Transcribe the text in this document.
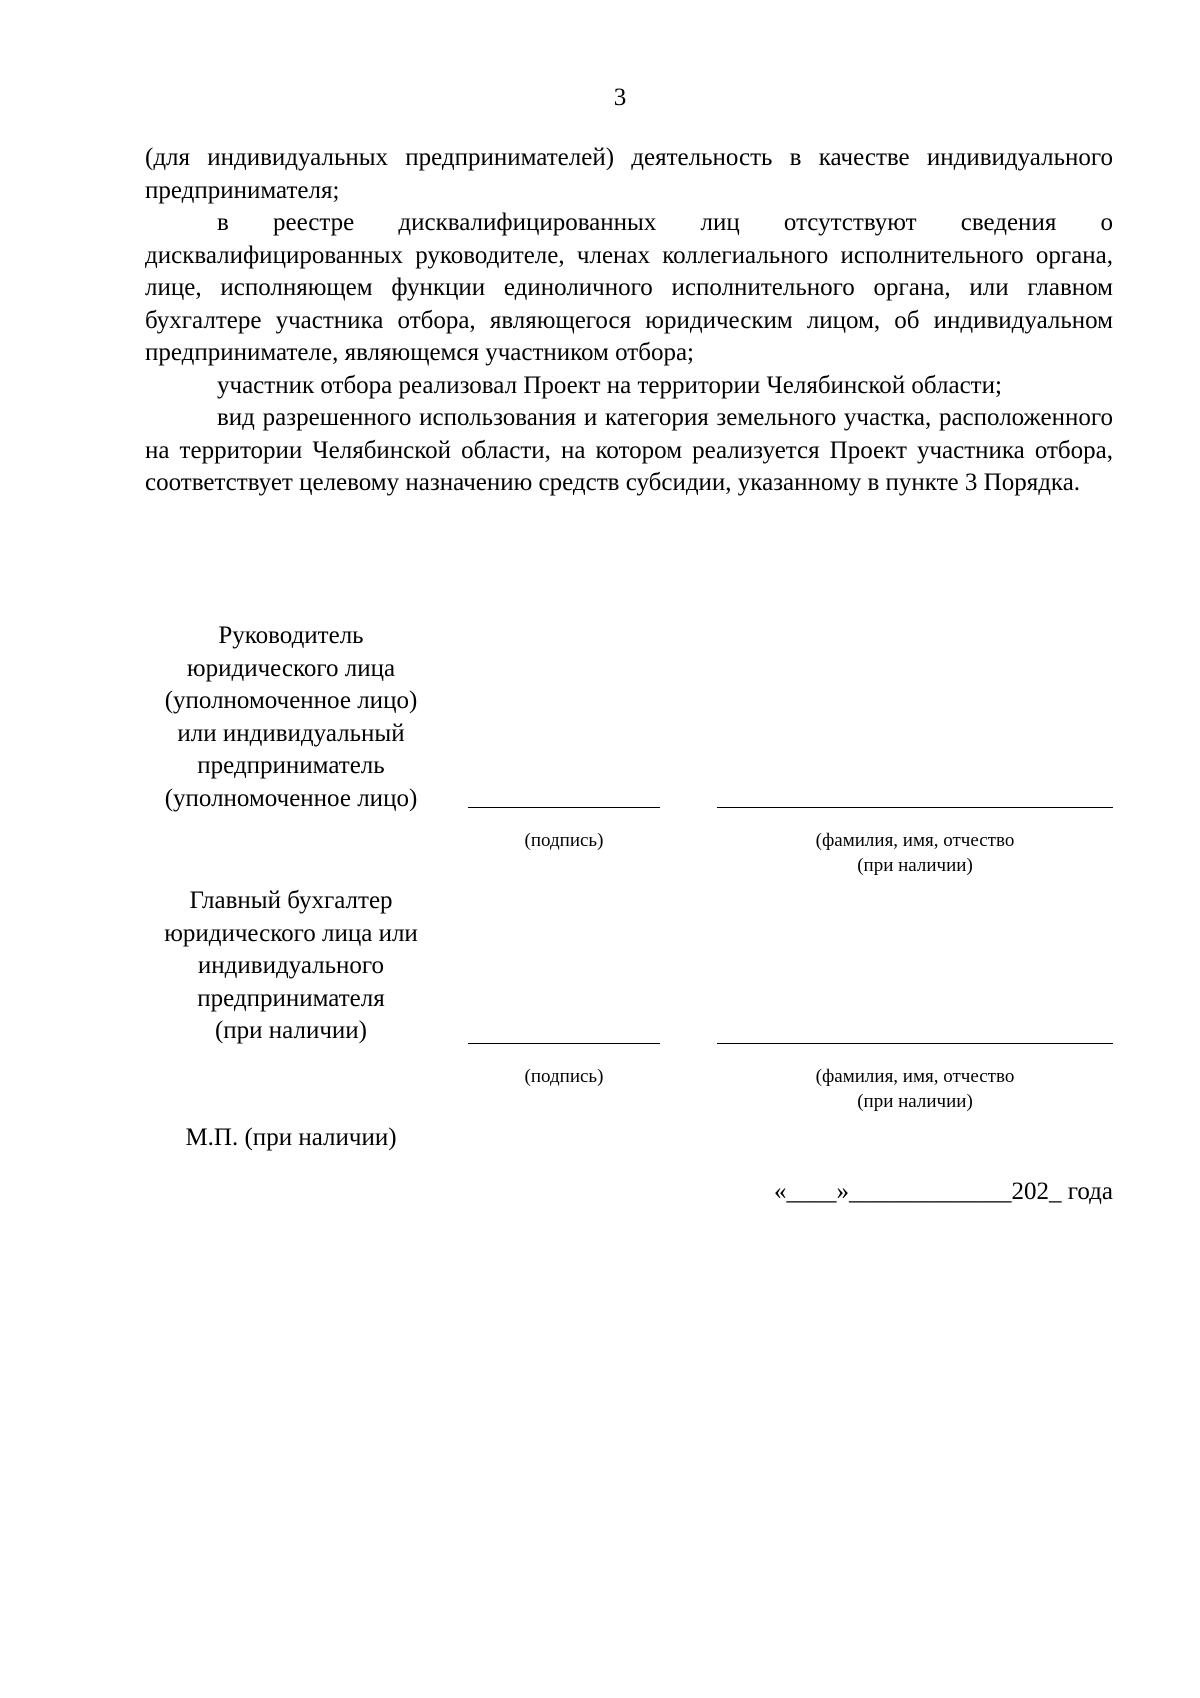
3

(для индивидуальных предпринимателей) деятельность в качестве индивидуального предпринимателя;

в реестре дисквалифицированных лиц отсутствуют сведения о дисквалифицированных руководителе, членах коллегиального исполнительного органа, лице, исполняющем функции единоличного исполнительного органа, или главном бухгалтере участника отбора, являющегося юридическим лицом, об индивидуальном предпринимателе, являющемся участником отбора;

участник отбора реализовал Проект на территории Челябинской области;

вид разрешенного использования и категория земельного участка, расположенного на территории Челябинской области, на котором реализуется Проект участника отбора, соответствует целевому назначению средств субсидии, указанному в пункте 3 Порядка.

Руководитель
юридического лица
(уполномоченное лицо)
или индивидуальный
предприниматель
(уполномоченное лицо)
(подпись)	(фамилия, имя, отчество
(при наличии)
Главный бухгалтер
юридического лица или
индивидуального
предпринимателя
(при наличии)
(подпись)	(фамилия, имя, отчество
(при наличии)
М.П. (при наличии)
«____»_____________202_ года
